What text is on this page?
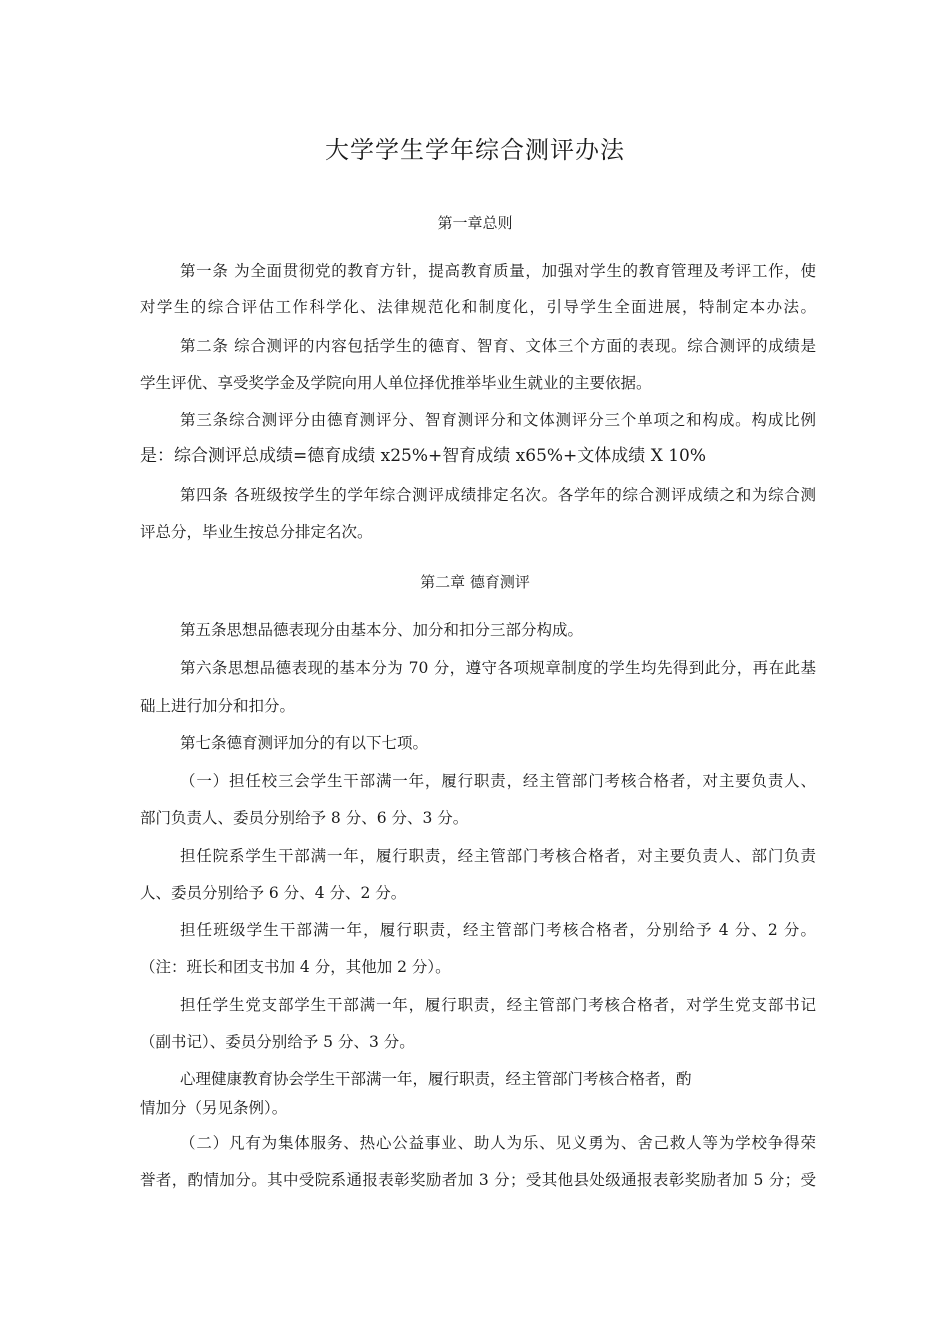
大学学生学年综合测评办法
第一章总则
第一条 为全面贯彻党的教育方针，提高教育质量，加强对学生的教育管理及考评工作，使
对学生的综合评估工作科学化、法律规范化和制度化，引导学生全面进展，特制定本办法。
第二条 综合测评的内容包括学生的德育、智育、文体三个方面的表现。综合测评的成绩是
学生评优、享受奖学金及学院向用人单位择优推举毕业生就业的主要依据。
第三条综合测评分由德育测评分、智育测评分和文体测评分三个单项之和构成。构成比例
是：综合测评总成绩=德育成绩 x25%+智育成绩 x65%+文体成绩 X 10%
第四条 各班级按学生的学年综合测评成绩排定名次。各学年的综合测评成绩之和为综合测
评总分，毕业生按总分排定名次。
第二章 德育测评
第五条思想品德表现分由基本分、加分和扣分三部分构成。
第六条思想品德表现的基本分为 70 分，遵守各项规章制度的学生均先得到此分，再在此基
础上进行加分和扣分。
第七条德育测评加分的有以下七项。
（一）担任校三会学生干部满一年，履行职责，经主管部门考核合格者，对主要负责人、
部门负责人、委员分别给予 8 分、6 分、3 分。
担任院系学生干部满一年，履行职责，经主管部门考核合格者，对主要负责人、部门负责
人、委员分别给予 6 分、4 分、2 分。
担任班级学生干部满一年，履行职责，经主管部门考核合格者，分别给予 4 分、2 分。
（注：班长和团支书加 4 分，其他加 2 分）。
担任学生党支部学生干部满一年，履行职责，经主管部门考核合格者，对学生党支部书记
（副书记）、委员分别给予 5 分、3 分。
心理健康教育协会学生干部满一年，履行职责，经主管部门考核合格者，酌
情加分（另见条例）。
（二）凡有为集体服务、热心公益事业、助人为乐、见义勇为、舍己救人等为学校争得荣
誉者，酌情加分。其中受院系通报表彰奖励者加 3 分；受其他县处级通报表彰奖励者加 5 分；受
